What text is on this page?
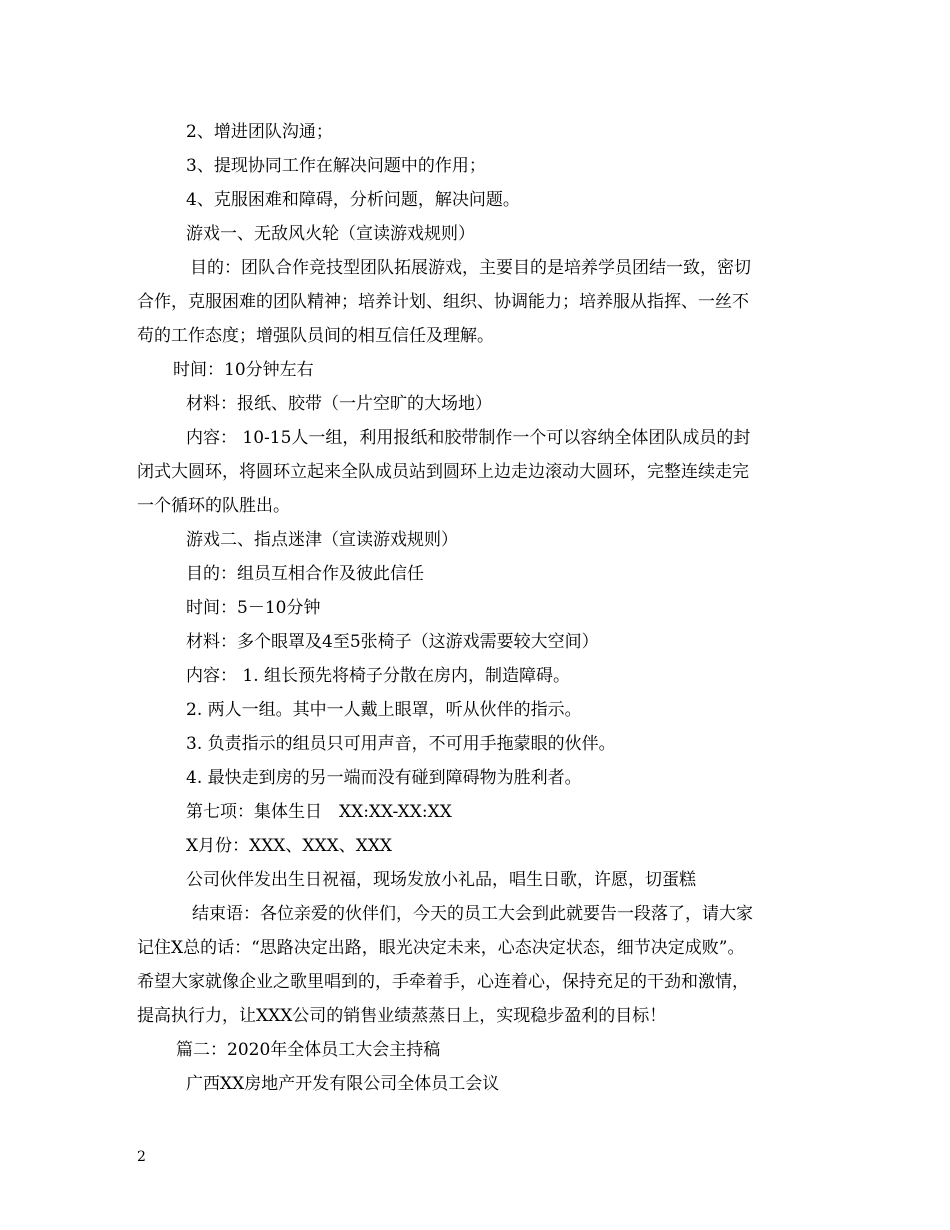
2、增进团队沟通；
3、提现协同工作在解决问题中的作用；
4、克服困难和障碍，分析问题，解决问题。
游戏一、无敌风火轮（宣读游戏规则）
目的：团队合作竞技型团队拓展游戏，主要目的是培养学员团结一致，密切
合作，克服困难的团队精神；培养计划、组织、协调能力；培养服从指挥、一丝不
苟的工作态度；增强队员间的相互信任及理解。
时间：10分钟左右
材料：报纸、胶带（一片空旷的大场地）
内容： 10-15人一组，利用报纸和胶带制作一个可以容纳全体团队成员的封
闭式大圆环，将圆环立起来全队成员站到圆环上边走边滚动大圆环，完整连续走完
一个循环的队胜出。
游戏二、指点迷津（宣读游戏规则）
目的：组员互相合作及彼此信任
时间：5－10分钟
材料：多个眼罩及4至5张椅子（这游戏需要较大空间）
内容： 1. 组长预先将椅子分散在房内，制造障碍。
2. 两人一组。其中一人戴上眼罩，听从伙伴的指示。
3. 负责指示的组员只可用声音，不可用手拖蒙眼的伙伴。
4. 最快走到房的另一端而没有碰到障碍物为胜利者。
第七项：集体生日　XX:XX-XX:XX
X月份：XXX、XXX、XXX
公司伙伴发出生日祝福，现场发放小礼品，唱生日歌，许愿，切蛋糕
结束语：各位亲爱的伙伴们，今天的员工大会到此就要告一段落了，请大家
记住X总的话：“思路决定出路，眼光决定未来，心态决定状态，细节决定成败”。
希望大家就像企业之歌里唱到的，手牵着手，心连着心，保持充足的干劲和激情，
提高执行力，让XXX公司的销售业绩蒸蒸日上，实现稳步盈利的目标！
篇二：2020年全体员工大会主持稿
广西XX房地产开发有限公司全体员工会议
2
